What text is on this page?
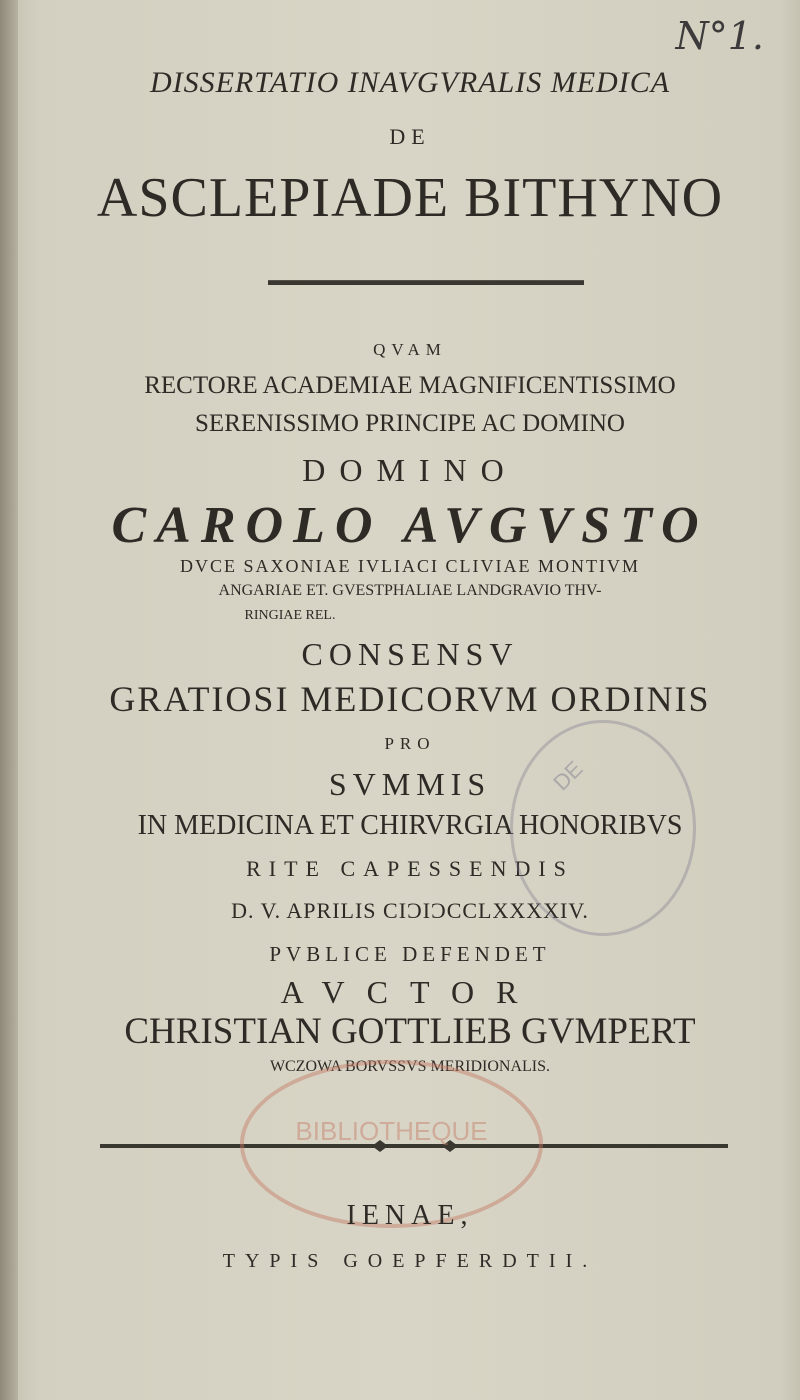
N°1.
DISSERTATIO INAVGVRALIS MEDICA
DE
ASCLEPIADE BITHYNO
QVAM
RECTORE ACADEMIAE MAGNIFICENTISSIMO
SERENISSIMO PRINCIPE AC DOMINO
DOMINO
CAROLO AVGVSTO
DVCE SAXONIAE IVLIACI CLIVIAE MONTIVM
ANGARIAE ET. GVESTPHALIAE LANDGRAVIO THV-
RINGIAE REL.
CONSENSV
GRATIOSI MEDICORVM ORDINIS
PRO
SVMMIS
IN MEDICINA ET CHIRVRGIA HONORIBVS
RITE CAPESSENDIS
D. V. APRILIS CIƆIƆCCLXXXXIV.
PVBLICE DEFENDET
AVCTOR
CHRISTIAN GOTTLIEB GVMPERT
WCZOWA BORVSSVS MERIDIONALIS.
DE
BIBLIOTHEQUE
IENAE,
TYPIS GOEPFERDTII.
